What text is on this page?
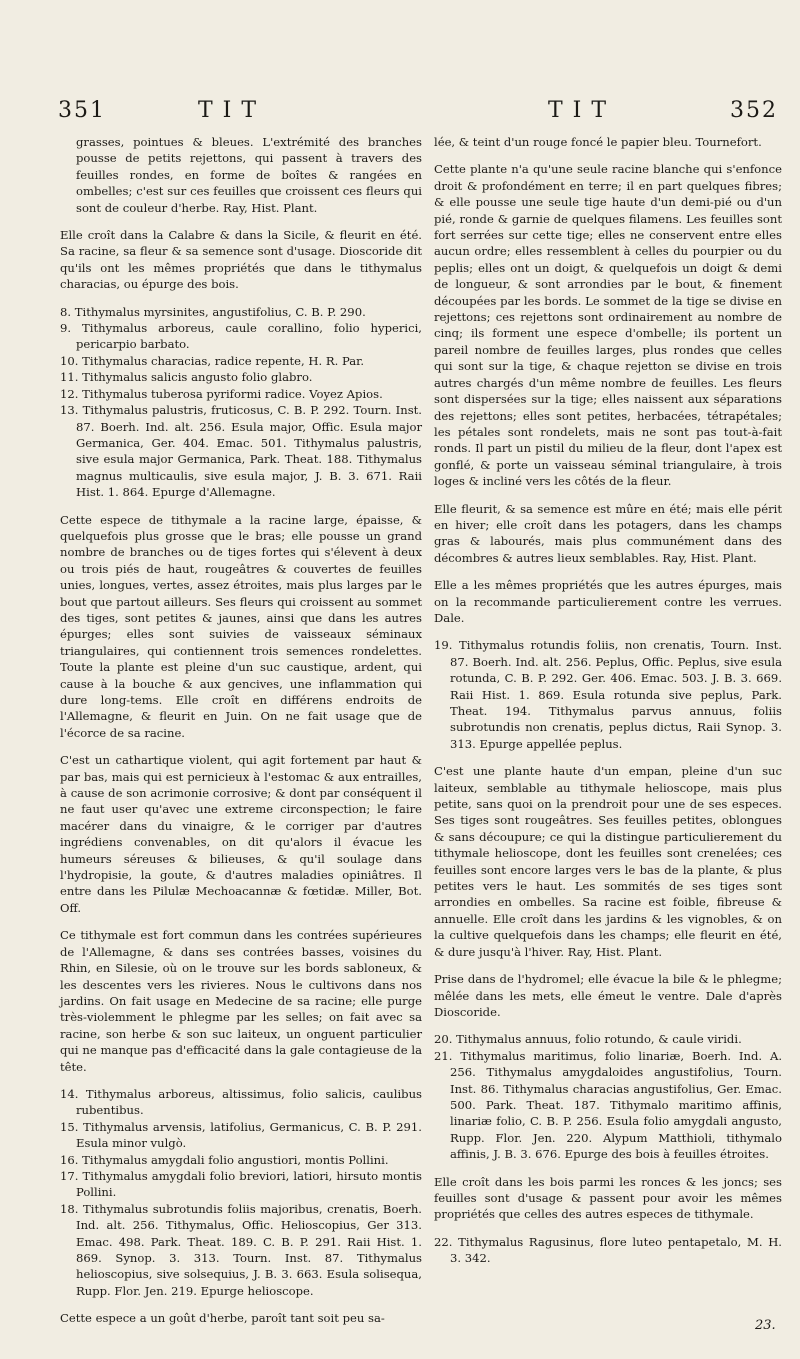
351	TIT	TIT	352

grasses, pointues & bleues. L'extrémité des branches pousse de petits rejettons, qui passent à travers des feuilles rondes, en forme de boîtes & rangées en ombelles; c'est sur ces feuilles que croissent ces fleurs qui sont de couleur d'herbe. Ray, Hist. Plant.

Elle croît dans la Calabre & dans la Sicile, & fleurit en été. Sa racine, sa fleur & sa semence sont d'usage. Dioscoride dit qu'ils ont les mêmes propriétés que dans le tithymalus characias, ou épurge des bois.

8. Tithymalus myrsinites, angustifolius, C. B. P. 290.

9. Tithymalus arboreus, caule corallino, folio hyperici, pericarpio barbato.

10. Tithymalus characias, radice repente, H. R. Par.

11. Tithymalus salicis angusto folio glabro.

12. Tithymalus tuberosa pyriformi radice. Voyez Apios.

13. Tithymalus palustris, fruticosus, C. B. P. 292. Tourn. Inst. 87. Boerh. Ind. alt. 256. Esula major, Offic. Esula major Germanica, Ger. 404. Emac. 501. Tithymalus palustris, sive esula major Germanica, Park. Theat. 188. Tithymalus magnus multicaulis, sive esula major, J. B. 3. 671. Raii Hist. 1. 864. Epurge d'Allemagne.

Cette espece de tithymale a la racine large, épaisse, & quelquefois plus grosse que le bras; elle pousse un grand nombre de branches ou de tiges fortes qui s'élevent à deux ou trois piés de haut, rougeâtres & couvertes de feuilles unies, longues, vertes, assez étroites, mais plus larges par le bout que partout ailleurs. Ses fleurs qui croissent au sommet des tiges, sont petites & jaunes, ainsi que dans les autres épurges; elles sont suivies de vaisseaux séminaux triangulaires, qui contiennent trois semences rondelettes. Toute la plante est pleine d'un suc caustique, ardent, qui cause à la bouche & aux gencives, une inflammation qui dure long-tems. Elle croît en différens endroits de l'Allemagne, & fleurit en Juin. On ne fait usage que de l'écorce de sa racine.

C'est un cathartique violent, qui agit fortement par haut & par bas, mais qui est pernicieux à l'estomac & aux entrailles, à cause de son acrimonie corrosive; & dont par conséquent il ne faut user qu'avec une extreme circonspection; le faire macérer dans du vinaigre, & le corriger par d'autres ingrédiens convenables, on dit qu'alors il évacue les humeurs séreuses & bilieuses, & qu'il soulage dans l'hydropisie, la goute, & d'autres maladies opiniâtres. Il entre dans les Pilulæ Mechoacannæ & fœtidæ. Miller, Bot. Off.

Ce tithymale est fort commun dans les contrées supérieures de l'Allemagne, & dans ses contrées basses, voisines du Rhin, en Silesie, où on le trouve sur les bords sabloneux, & les descentes vers les rivieres. Nous le cultivons dans nos jardins. On fait usage en Medecine de sa racine; elle purge très-violemment le phlegme par les selles; on fait avec sa racine, son herbe & son suc laiteux, un onguent particulier qui ne manque pas d'efficacité dans la gale contagieuse de la tête.

14. Tithymalus arboreus, altissimus, folio salicis, caulibus rubentibus.

15. Tithymalus arvensis, latifolius, Germanicus, C. B. P. 291. Esula minor vulgò.

16. Tithymalus amygdali folio angustiori, montis Pollini.

17. Tithymalus amygdali folio breviori, latiori, hirsuto montis Pollini.

18. Tithymalus subrotundis foliis majoribus, crenatis, Boerh. Ind. alt. 256. Tithymalus, Offic. Helioscopius, Ger 313. Emac. 498. Park. Theat. 189. C. B. P. 291. Raii Hist. 1. 869. Synop. 3. 313. Tourn. Inst. 87. Tithymalus helioscopius, sive solsequius, J. B. 3. 663. Esula solisequa, Rupp. Flor. Jen. 219. Epurge helioscope.

Cette espece a un goût d'herbe, paroît tant soit peu sa-

lée, & teint d'un rouge foncé le papier bleu. Tournefort.

Cette plante n'a qu'une seule racine blanche qui s'enfonce droit & profondément en terre; il en part quelques fibres; & elle pousse une seule tige haute d'un demi-pié ou d'un pié, ronde & garnie de quelques filamens. Les feuilles sont fort serrées sur cette tige; elles ne conservent entre elles aucun ordre; elles ressemblent à celles du pourpier ou du peplis; elles ont un doigt, & quelquefois un doigt & demi de longueur, & sont arrondies par le bout, & finement découpées par les bords. Le sommet de la tige se divise en rejettons; ces rejettons sont ordinairement au nombre de cinq; ils forment une espece d'ombelle; ils portent un pareil nombre de feuilles larges, plus rondes que celles qui sont sur la tige, & chaque rejetton se divise en trois autres chargés d'un même nombre de feuilles. Les fleurs sont dispersées sur la tige; elles naissent aux séparations des rejettons; elles sont petites, herbacées, tétrapétales; les pétales sont rondelets, mais ne sont pas tout-à-fait ronds. Il part un pistil du milieu de la fleur, dont l'apex est gonflé, & porte un vaisseau séminal triangulaire, à trois loges & incliné vers les côtés de la fleur.

Elle fleurit, & sa semence est mûre en été; mais elle périt en hiver; elle croît dans les potagers, dans les champs gras & labourés, mais plus communément dans des décombres & autres lieux semblables. Ray, Hist. Plant.

Elle a les mêmes propriétés que les autres épurges, mais on la recommande particulierement contre les verrues. Dale.

19. Tithymalus rotundis foliis, non crenatis, Tourn. Inst. 87. Boerh. Ind. alt. 256. Peplus, Offic. Peplus, sive esula rotunda, C. B. P. 292. Ger. 406. Emac. 503. J. B. 3. 669. Raii Hist. 1. 869. Esula rotunda sive peplus, Park. Theat. 194. Tithymalus parvus annuus, foliis subrotundis non crenatis, peplus dictus, Raii Synop. 3. 313. Epurge appellée peplus.

C'est une plante haute d'un empan, pleine d'un suc laiteux, semblable au tithymale helioscope, mais plus petite, sans quoi on la prendroit pour une de ses especes. Ses tiges sont rougeâtres. Ses feuilles petites, oblongues & sans découpure; ce qui la distingue particulierement du tithymale helioscope, dont les feuilles sont crenelées; ces feuilles sont encore larges vers le bas de la plante, & plus petites vers le haut. Les sommités de ses tiges sont arrondies en ombelles. Sa racine est foible, fibreuse & annuelle. Elle croît dans les jardins & les vignobles, & on la cultive quelquefois dans les champs; elle fleurit en été, & dure jusqu'à l'hiver. Ray, Hist. Plant.

Prise dans de l'hydromel; elle évacue la bile & le phlegme; mêlée dans les mets, elle émeut le ventre. Dale d'après Dioscoride.

20. Tithymalus annuus, folio rotundo, & caule viridi.

21. Tithymalus maritimus, folio linariæ, Boerh. Ind. A. 256. Tithymalus amygdaloides angustifolius, Tourn. Inst. 86. Tithymalus characias angustifolius, Ger. Emac. 500. Park. Theat. 187. Tithymalo maritimo affinis, linariæ folio, C. B. P. 256. Esula folio amygdali angusto, Rupp. Flor. Jen. 220. Alypum Matthioli, tithymalo affinis, J. B. 3. 676. Epurge des bois à feuilles étroites.

Elle croît dans les bois parmi les ronces & les joncs; ses feuilles sont d'usage & passent pour avoir les mêmes propriétés que celles des autres especes de tithymale.

22. Tithymalus Ragusinus, flore luteo pentapetalo, M. H. 3. 342.

23.
